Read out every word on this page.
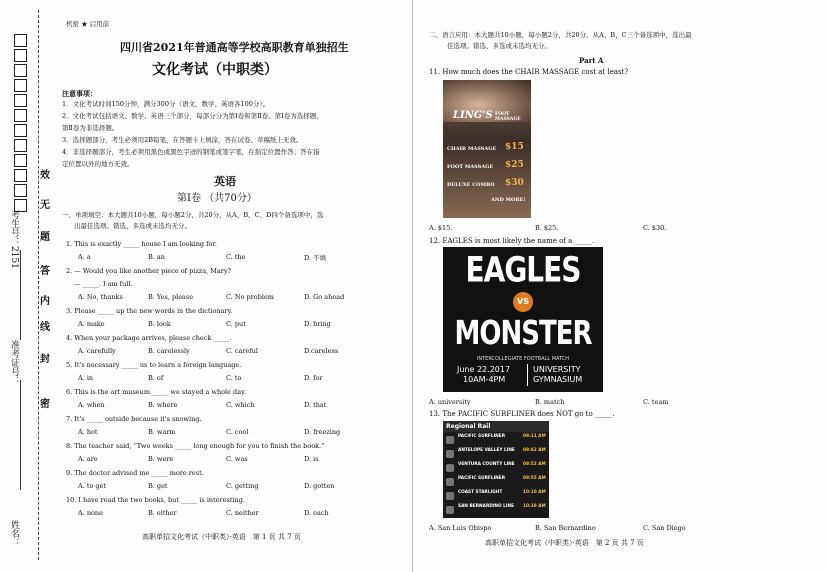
考生号：2151
准考证号：
姓名：
密
封
线
内
答
题
无
效
机密 ★ 启用前
四川省2021年普通高等学校高职教育单独招生
文化考试（中职类）
注意事项：
1．文化考试时间150分钟，满分300分（语文、数学、英语各100分）。
2．文化考试包括语文、数学、英语三个部分，每部分分为第Ⅰ卷和第Ⅱ卷。第Ⅰ卷为选择题，
第Ⅱ卷为非选择题。
3．选择题部分，考生必须用2B铅笔，在答题卡上填涂，答在试卷、草稿纸上无效。
4．非选择题部分，考生必须用黑色或黑色字迹的钢笔或签字笔，在指定位置作答；答在指
定位置以外的地方无效。
英语
第Ⅰ卷 （共70分）
一、单项填空：本大题共10小题，每小题2分，共20分，从A、B、C、D四个备选项中，选
出最佳选项。错选、多选或未选均无分。
1. This is exactly _____ house I am looking for.
A. a	B. an	C. the	D. 不填
2. — Would you like another piece of pizza, Mary?
— _____. I am full.
A. No, thanks	B. Yes, please	C. No problem	D. Go ahead
3. Please _____ up the new words in the dictionary.
A. make	B. look	C. put	D. bring
4. When your package arrives, please check _____.
A. carefully	B. carelessly	C. careful	D.careless
5. It's necessary _____ us to learn a foreign language.
A. in	B. of	C. to	D. for
6. This is the art museum _____ we stayed a whole day.
A. when	B. where	C. which	D. that
7. It's _____ outside because it's snowing.
A. hot	B. warm	C. cool	D. freezing
8. The teacher said, “Two weeks _____ long enough for you to finish the book.”
A. are	B. were	C. was	D. is
9. The doctor advised me _____ more rest.
A. to get	B. get	C. getting	D. gotten
10. I have read the two books, but _____ is interesting.
A. none	B. either	C. neither	D. each
高职单招文化考试（中职类）·英语　第 1 页 共 7 页
二、语言应用：本大题共10小题，每小题2分，共20分。从A、B、C三个备选项中，选出最
佳选项。错选、多选或未选均无分。
Part A
11. How much does the CHAIR MASSAGE cost at least?
LING'S FOOT MASSAGE
CHAIR MASSAGE $15
FOOT MASSAGE $25
DELUXE COMBO $30
AND MORE!
A. $15.	B. $25.	C. $30.
12. EAGLES is most likely the name of a _____.
EAGLES
VS
MONSTER
INTERCOLLEGIATE FOOTBALL MATCH
June 22.2017
10AM-4PM
UNIVERSITY
GYMNASIUM
A. university	B. match	C. team
13. The PACIFIC SURFLINER does NOT go to _____.
Regional Rail
PACIFIC SURFLINER	09:11 AM
ANTELOPE VALLEY LINE 09:42 AM
VENTURA COUNTY LINE 09:52 AM
PACIFIC SURFLINER	09:55 AM
COAST STARLIGHT	10:10 AM
SAN BERNARDINO LINE 10:19 AM
A. San Luis Obispo	B. San Bernardino	C. San Diego
高职单招文化考试（中职类）·英语　第 2 页 共 7 页
